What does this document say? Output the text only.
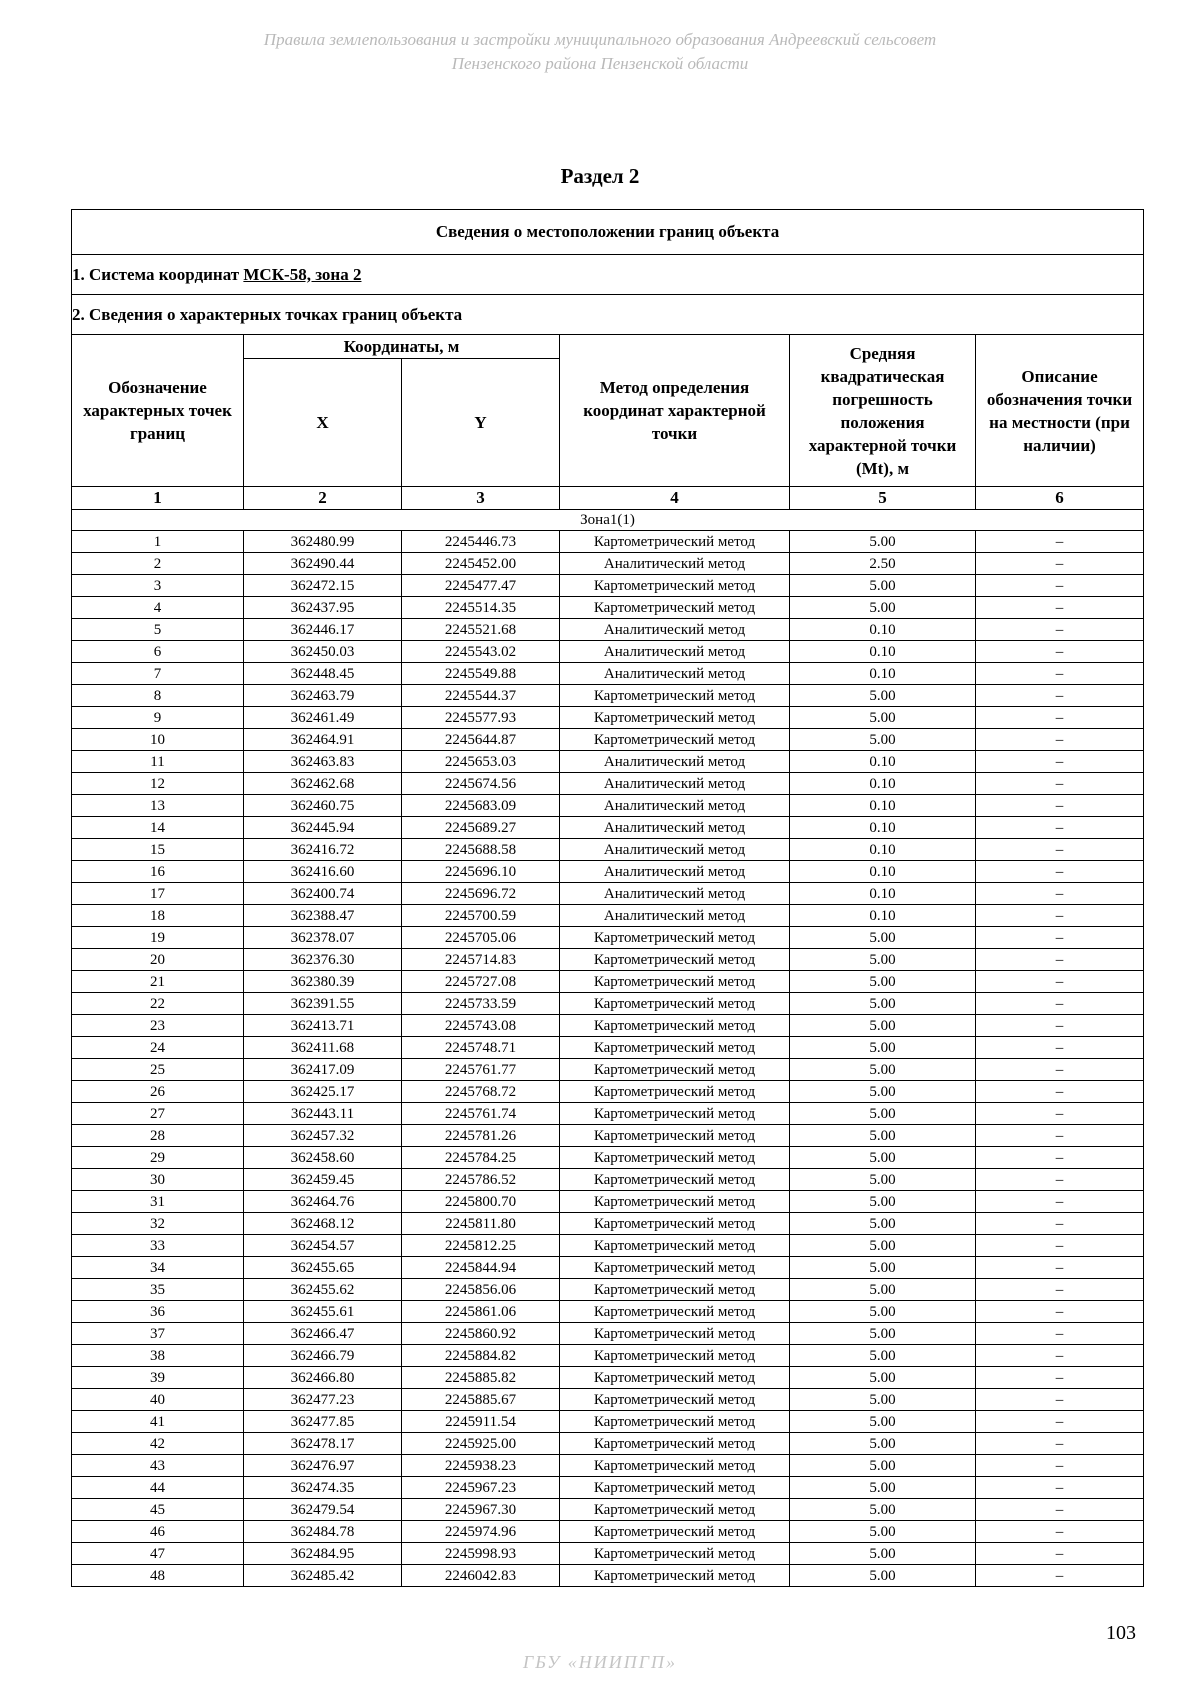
Правила землепользования и застройки муниципального образования Андреевский сельсовет
Пензенского района Пензенской области
Раздел 2
Сведения о местоположении границ объекта					
1. Система координат МСК-58, зона 2					
2. Сведения о характерных точках границ объекта					
Обозначение характерных точек границ	Координаты, м		Метод определения координат характерной точки	Средняя квадратическая погрешность положения характерной точки (Mt), м	Описание обозначения точки на местности (при наличии)
	X	Y			
1	2	3	4	5	6
Зона1(1)					
1	362480.99	2245446.73	Картометрический метод	5.00	–
2	362490.44	2245452.00	Аналитический метод	2.50	–
3	362472.15	2245477.47	Картометрический метод	5.00	–
4	362437.95	2245514.35	Картометрический метод	5.00	–
5	362446.17	2245521.68	Аналитический метод	0.10	–
6	362450.03	2245543.02	Аналитический метод	0.10	–
7	362448.45	2245549.88	Аналитический метод	0.10	–
8	362463.79	2245544.37	Картометрический метод	5.00	–
9	362461.49	2245577.93	Картометрический метод	5.00	–
10	362464.91	2245644.87	Картометрический метод	5.00	–
11	362463.83	2245653.03	Аналитический метод	0.10	–
12	362462.68	2245674.56	Аналитический метод	0.10	–
13	362460.75	2245683.09	Аналитический метод	0.10	–
14	362445.94	2245689.27	Аналитический метод	0.10	–
15	362416.72	2245688.58	Аналитический метод	0.10	–
16	362416.60	2245696.10	Аналитический метод	0.10	–
17	362400.74	2245696.72	Аналитический метод	0.10	–
18	362388.47	2245700.59	Аналитический метод	0.10	–
19	362378.07	2245705.06	Картометрический метод	5.00	–
20	362376.30	2245714.83	Картометрический метод	5.00	–
21	362380.39	2245727.08	Картометрический метод	5.00	–
22	362391.55	2245733.59	Картометрический метод	5.00	–
23	362413.71	2245743.08	Картометрический метод	5.00	–
24	362411.68	2245748.71	Картометрический метод	5.00	–
25	362417.09	2245761.77	Картометрический метод	5.00	–
26	362425.17	2245768.72	Картометрический метод	5.00	–
27	362443.11	2245761.74	Картометрический метод	5.00	–
28	362457.32	2245781.26	Картометрический метод	5.00	–
29	362458.60	2245784.25	Картометрический метод	5.00	–
30	362459.45	2245786.52	Картометрический метод	5.00	–
31	362464.76	2245800.70	Картометрический метод	5.00	–
32	362468.12	2245811.80	Картометрический метод	5.00	–
33	362454.57	2245812.25	Картометрический метод	5.00	–
34	362455.65	2245844.94	Картометрический метод	5.00	–
35	362455.62	2245856.06	Картометрический метод	5.00	–
36	362455.61	2245861.06	Картометрический метод	5.00	–
37	362466.47	2245860.92	Картометрический метод	5.00	–
38	362466.79	2245884.82	Картометрический метод	5.00	–
39	362466.80	2245885.82	Картометрический метод	5.00	–
40	362477.23	2245885.67	Картометрический метод	5.00	–
41	362477.85	2245911.54	Картометрический метод	5.00	–
42	362478.17	2245925.00	Картометрический метод	5.00	–
43	362476.97	2245938.23	Картометрический метод	5.00	–
44	362474.35	2245967.23	Картометрический метод	5.00	–
45	362479.54	2245967.30	Картометрический метод	5.00	–
46	362484.78	2245974.96	Картометрический метод	5.00	–
47	362484.95	2245998.93	Картометрический метод	5.00	–
48	362485.42	2246042.83	Картометрический метод	5.00	–
103
ГБУ «НИИПГП»
